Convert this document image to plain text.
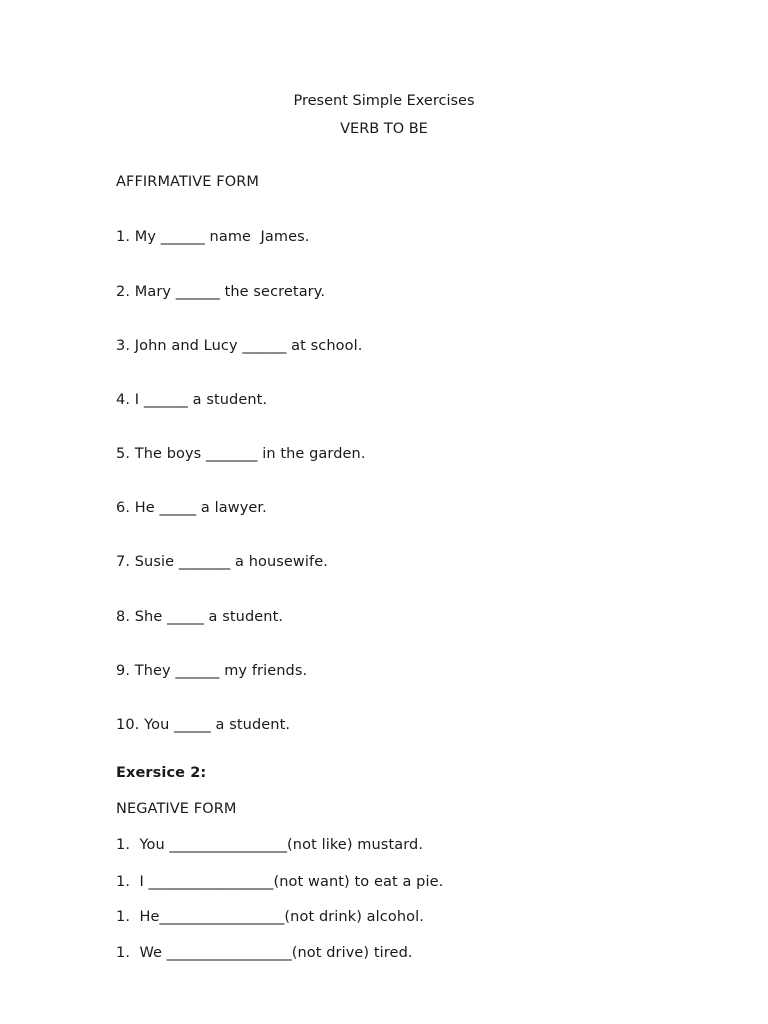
Present Simple Exercises
VERB TO BE
AFFIRMATIVE FORM
1. My ______ name  James.
2. Mary ______ the secretary.
3. John and Lucy ______ at school.
4. I ______ a student.
5. The boys _______ in the garden.
6. He _____ a lawyer.
7. Susie _______ a housewife.
8. She _____ a student.
9. They ______ my friends.
10. You _____ a student.
Exersice 2:
NEGATIVE FORM
1.  You ________________(not like) mustard.
1.  I _________________(not want) to eat a pie.
1.  He_________________(not drink) alcohol.
1.  We _________________(not drive) tired.
